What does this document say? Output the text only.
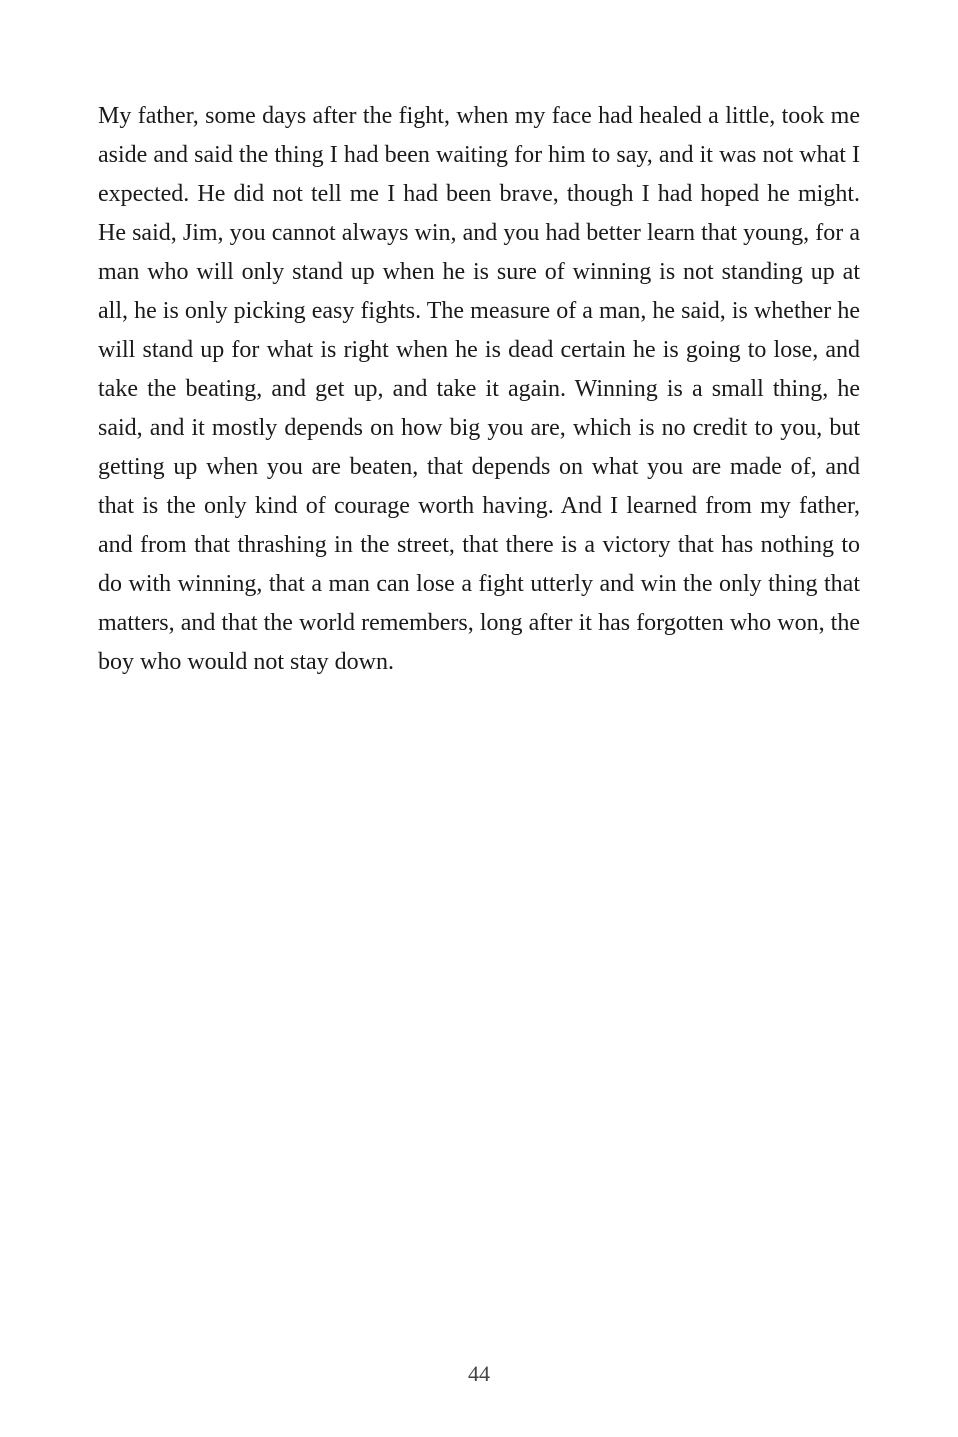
My father, some days after the fight, when my face had healed a little, took me aside and said the thing I had been waiting for him to say, and it was not what I expected. He did not tell me I had been brave, though I had hoped he might. He said, Jim, you cannot always win, and you had better learn that young, for a man who will only stand up when he is sure of winning is not standing up at all, he is only picking easy fights. The measure of a man, he said, is whether he will stand up for what is right when he is dead certain he is going to lose, and take the beating, and get up, and take it again. Winning is a small thing, he said, and it mostly depends on how big you are, which is no credit to you, but getting up when you are beaten, that depends on what you are made of, and that is the only kind of courage worth having. And I learned from my father, and from that thrashing in the street, that there is a victory that has nothing to do with winning, that a man can lose a fight utterly and win the only thing that matters, and that the world remembers, long after it has forgotten who won, the boy who would not stay down.

44
